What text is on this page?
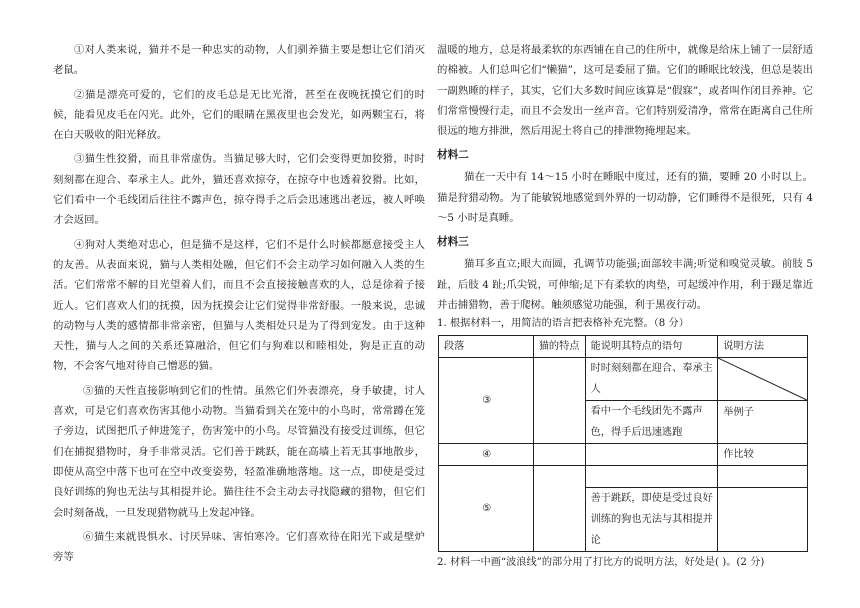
①对人类来说，猫并不是一种忠实的动物，人们驯养猫主要是想让它们消灭老鼠。

②猫是漂亮可爱的，它们的皮毛总是无比光滑，甚至在夜晚抚摸它们的时候，能看见皮毛在闪光。此外，它们的眼睛在黑夜里也会发光，如两颗宝石，将在白天吸收的阳光释放。

③猫生性狡猾，而且非常虚伪。当猫足够大时，它们会变得更加狡猾，时时刻刻都在迎合、奉承主人。此外，猫还喜欢掠夺，在掠夺中也透着狡猾。比如，它们看中一个毛线团后往往不露声色，掠夺得手之后会迅速逃出老远，被人呼唤才会返回。

④狗对人类绝对忠心，但是猫不是这样，它们不是什么时候都愿意接受主人的友善。从表面来说，猫与人类相处融，但它们不会主动学习如何融入人类的生活。它们常常不解的目光望着人们，而且不会直接接触喜欢的人，总是徐着子接近人。它们喜欢人们的抚摸，因为抚摸会让它们觉得非常舒服。一般来说，忠诚的动物与人类的感情都非常亲密，但猫与人类相处只是为了得到宠发。由于这种天性，猫与人之间的关系还算融洽，但它们与狗难以和睦相处，狗是正直的动物，不会客气地对待自己憎恶的猫。

⑤猫的天性直接影响到它们的性情。虽然它们外表漂亮，身手敏捷，讨人喜欢，可是它们喜欢伤害其他小动物。当猫看到关在笼中的小鸟时，常常蹲在笼子旁边，试图把爪子伸进笼子，伤害笼中的小鸟。尽管猫没有接受过训练，但它们在捕捉猎物时，身手非常灵活。它们善于跳跃，能在高墙上若无其事地散步，即使从高空中落下也可在空中改变姿势，轻盈准确地落地。这一点，即使是受过良好训练的狗也无法与其相提并论。猫往往不会主动去寻找隐藏的猎物，但它们会时刻备战，一旦发现猎物就马上发起冲锋。

⑥猫生来就畏惧水、讨厌异味、害怕寒冷。它们喜欢待在阳光下或是壁炉旁等

温暖的地方，总是将最柔软的东西铺在自己的住所中，就像是给床上铺了一层舒适的棉被。人们总叫它们“懒猫”，这可是委屈了猫。它们的睡眠比较浅，但总是装出一副熟睡的样子，其实，它们大多数时间应该算是“假寐”，或者叫作闭目养神。它们常常慢慢行走，而且不会发出一丝声音。它们特别爱清净，常常在距离自己住所很远的地方排泄，然后用泥土将自己的排泄物掩埋起来。

材料二

猫在一天中有 14～15 小时在睡眠中度过，还有的猫，要睡 20 小时以上。猫是狩猎动物。为了能敏锐地感觉到外界的一切动静，它们睡得不是很死，只有 4～5 小时是真睡。

材料三

猫耳多直立;眼大而圆，孔调节功能强;面部较丰满;听觉和嗅觉灵敏。前肢 5 趾，后肢 4 趾;爪尖锐，可伸缩;足下有柔软的肉垫，可起缓冲作用，利于蹑足靠近并击捕猎物，善于爬树。触须感觉功能强，利于黑夜行动。

1. 根据材料一，用简洁的语言把表格补充完整。（8 分）

段落	猫的特点	能说明其特点的语句	说明方法
③		时时刻刻都在迎合、奉承主人	

		看中一个毛线团先不露声色，得手后迅速逃跑	举例子
④			作比较
⑤			
		善于跳跃，即使是受过良好训练的狗也无法与其相提并论	

2. 材料一中画“波浪线”的部分用了打比方的说明方法，好处是( )。(2 分)
